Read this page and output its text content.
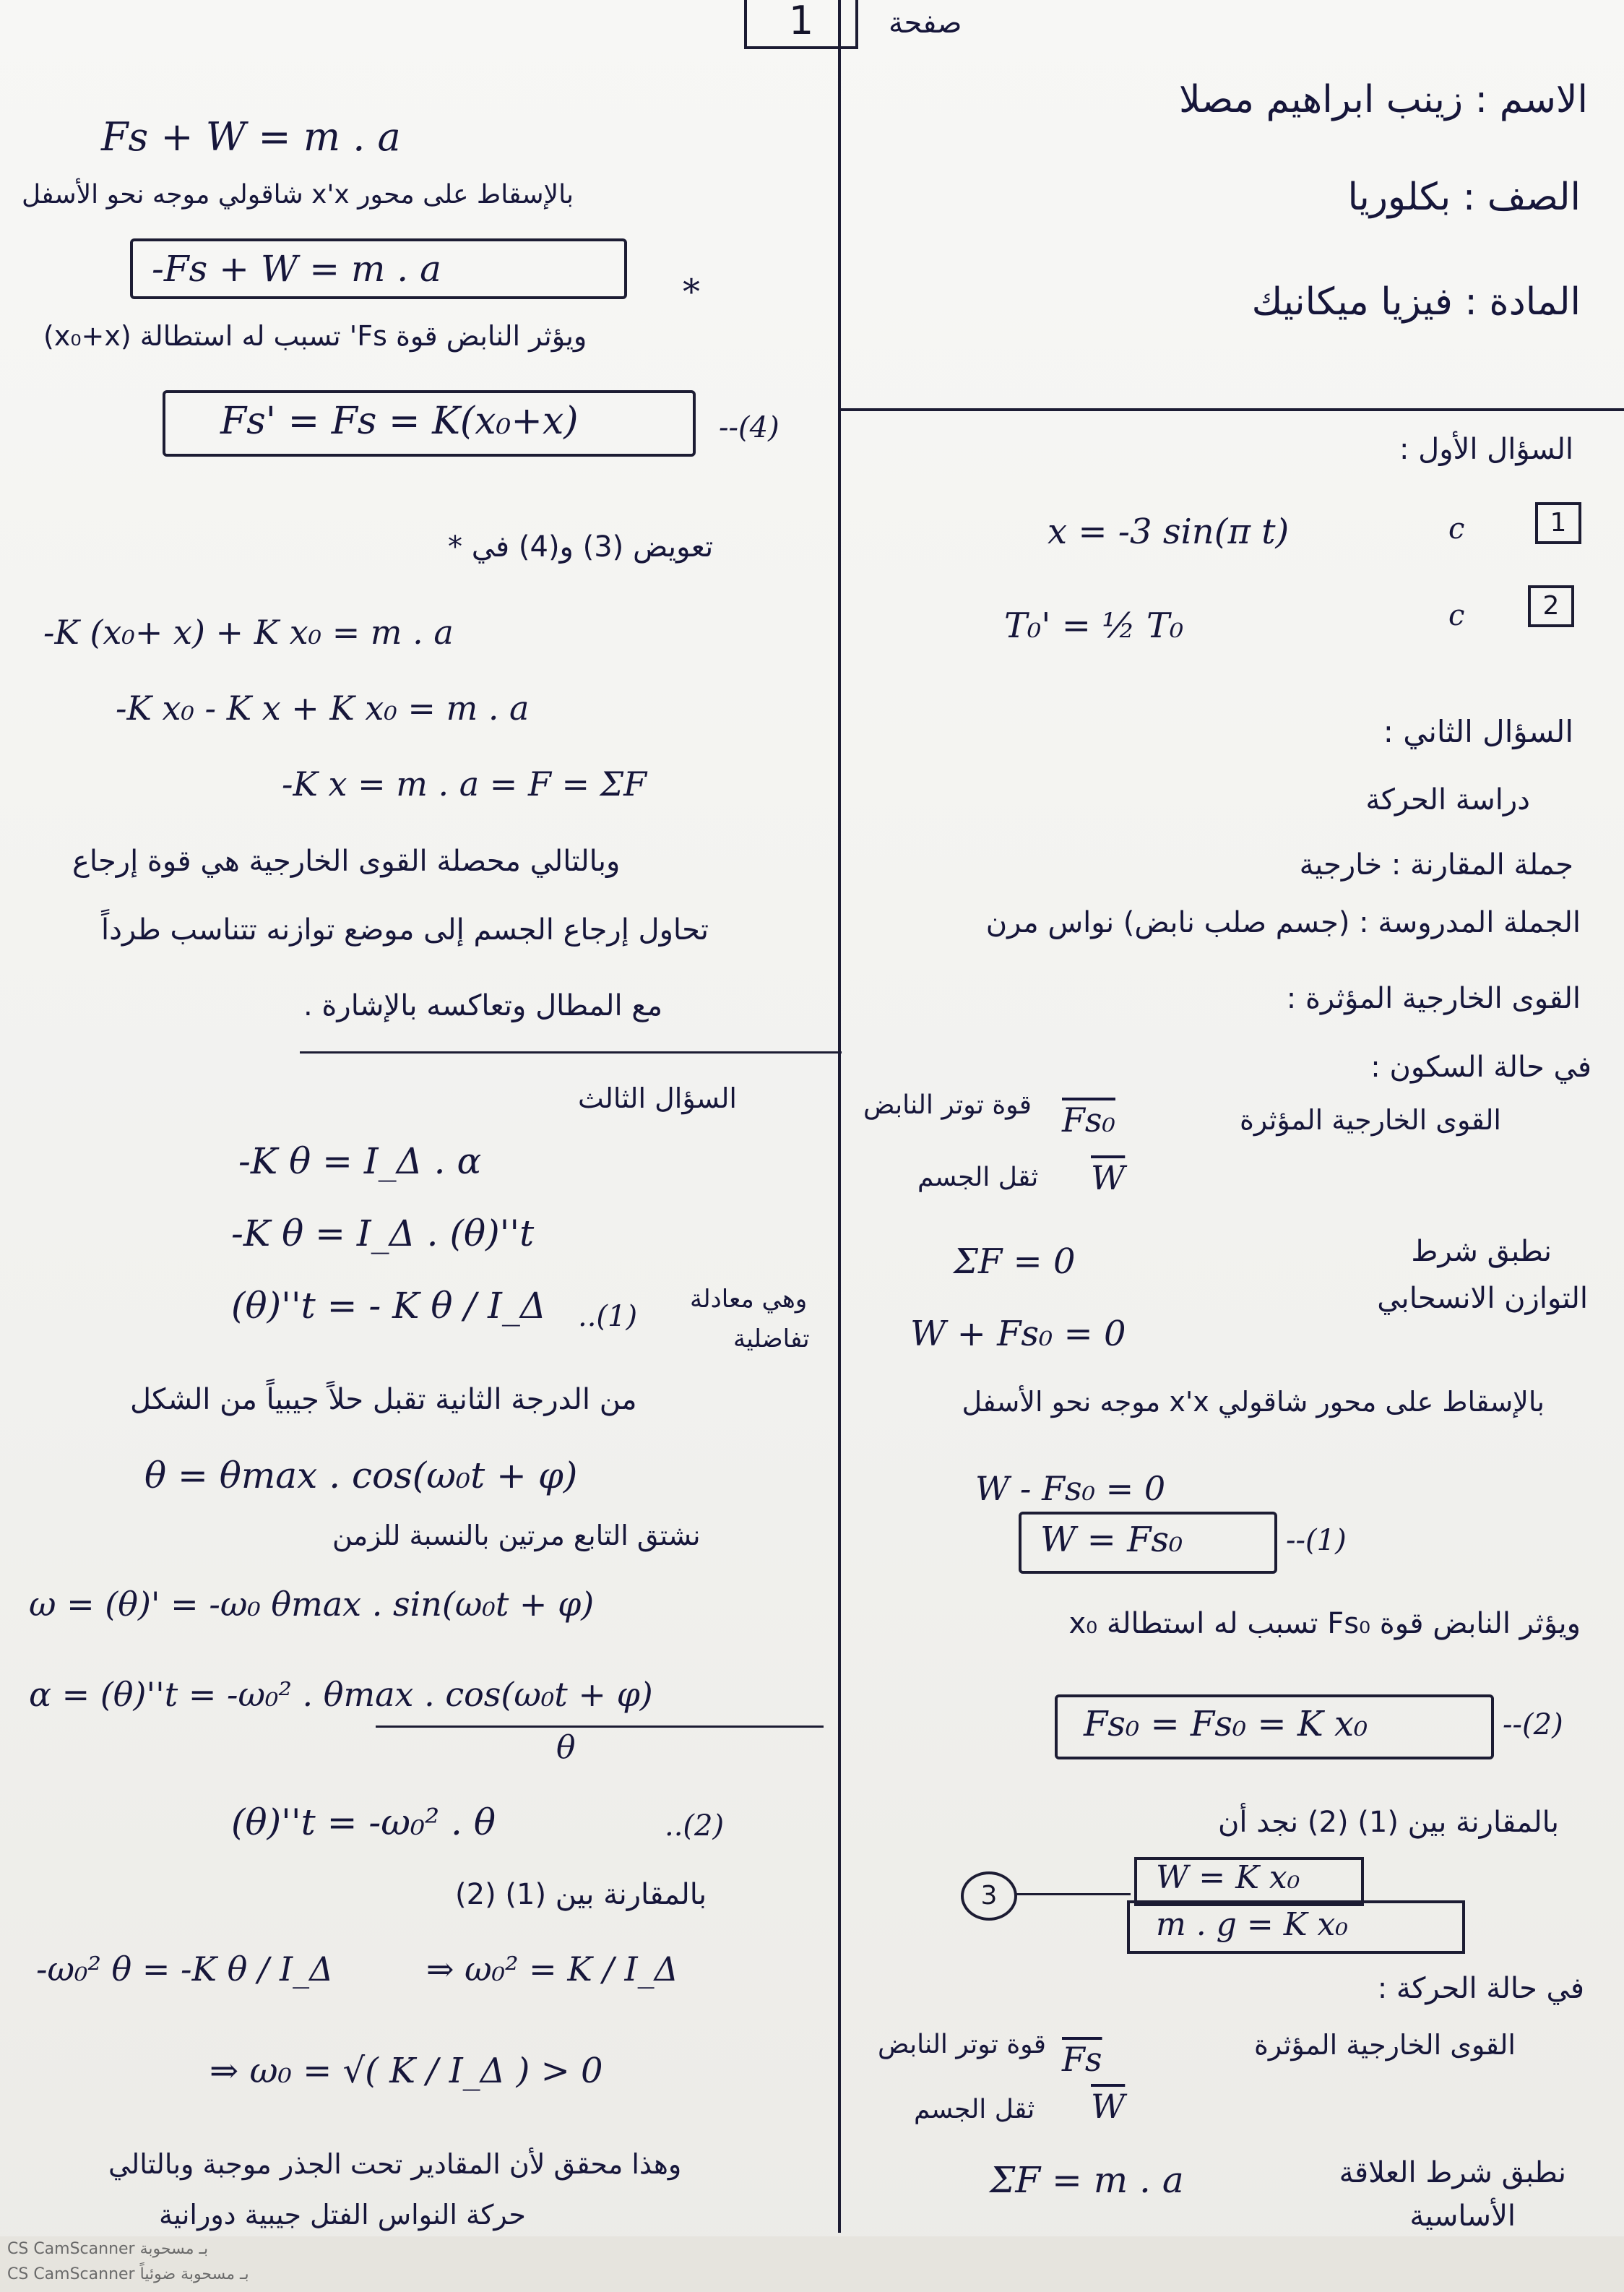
1	صفحة
الاسم : زينب ابراهيم مصلا
الصف : بكلوريا
المادة : فيزيا ميكانيك
السؤال الأول :
1
c
x = -3 sin(π t)
2
c
T₀' = ½ T₀
السؤال الثاني :
دراسة الحركة
جملة المقارنة : خارجية
الجملة المدروسة : (جسم صلب نابض) نواس مرن
القوى الخارجية المؤثرة :
في حالة السكون :
القوى الخارجية المؤثرة
Fs₀
قوة توتر النابض
$\overline{W}$
ثقل الجسم
نطبق شرط
التوازن الانسحابي
ΣF = 0
W + Fs₀ = 0
بالإسقاط على محور شاقولي x'x موجه نحو الأسفل
W - Fs₀ = 0
W = Fs₀	--(1)
ويؤثر النابض قوة Fs₀ تسبب له استطالة x₀
Fs₀ = Fs₀ = K x₀	--(2)
بالمقارنة بين (1) (2) نجد أن
3	W = K x₀
m . g = K x₀
في حالة الحركة :
القوى الخارجية المؤثرة
$\overline{Fs}$
قوة توتر النابض
$\overline{W}$
ثقل الجسم
نطبق شرط العلاقة
الأساسية
ΣF = m . a
Fs + W = m . a
بالإسقاط على محور x'x شاقولي موجه نحو الأسفل
-Fs + W = m . a
*
ويؤثر النابض قوة Fs' تسبب له استطالة (x₀+x)
Fs' = Fs = K(x₀+x)	--(4)
تعويض (3) و(4) في *
-K (x₀+ x) + K x₀ = m . a
-K x₀ - K x + K x₀ = m . a
-K x = m . a = F = ΣF
وبالتالي محصلة القوى الخارجية هي قوة إرجاع
تحاول إرجاع الجسم إلى موضع توازنه تتناسب طرداً
مع المطال وتعاكسه بالإشارة .
السؤال الثالث
-K θ = I_Δ . α
-K θ = I_Δ . (θ)''t
(θ)''t = - K θ / I_Δ ..(1)
وهي معادلة
تفاضلية
من الدرجة الثانية تقبل حلاً جيبياً من الشكل
θ = θmax . cos(ω₀t + φ)
نشتق التابع مرتين بالنسبة للزمن
ω = (θ)' = -ω₀ θmax . sin(ω₀t + φ)
α = (θ)''t = -ω₀² . θmax . cos(ω₀t + φ)
θ
(θ)''t = -ω₀² . θ	..(2)
بالمقارنة بين (1) (2)
-ω₀² θ = -K θ / I_Δ	⇒ ω₀² = K / I_Δ
⇒ ω₀ = √( K / I_Δ ) > 0
وهذا محقق لأن المقادير تحت الجذر موجبة وبالتالي
حركة النواس الفتل جيبية دورانية
CS CamScanner بـ مسحوبة
CS CamScanner بـ مسحوبة ضوئياً
